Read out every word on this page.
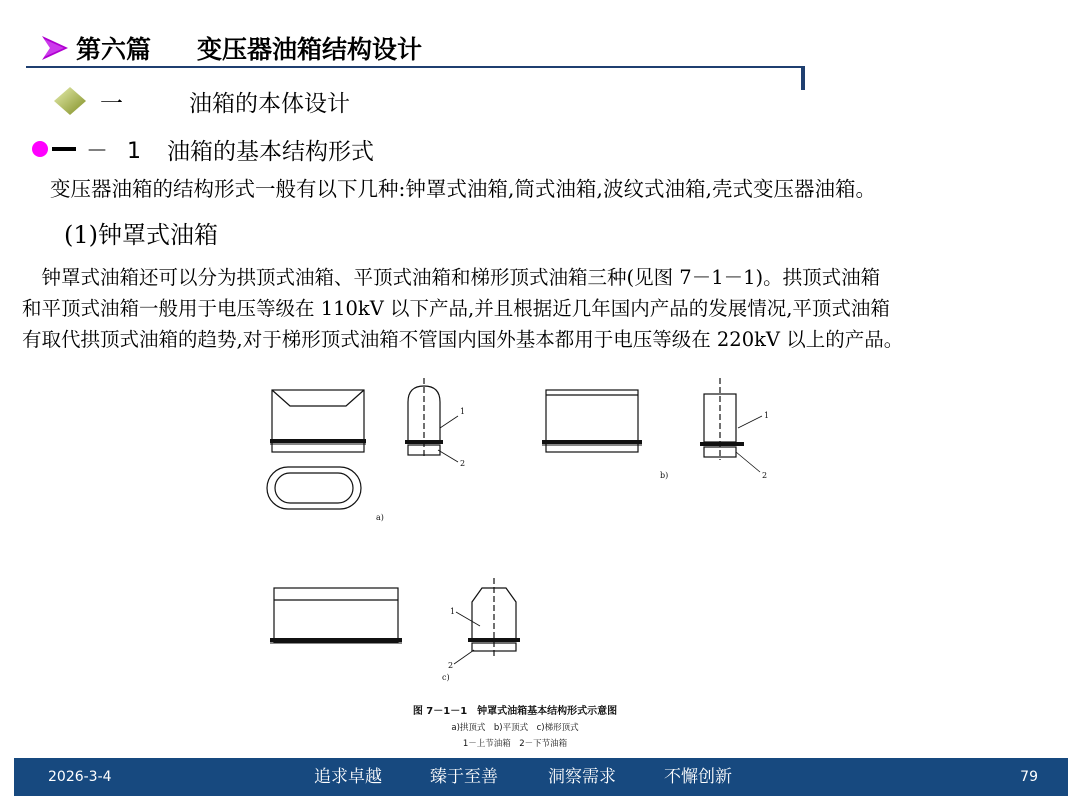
第六篇 变压器油箱结构设计
一	油箱的本体设计
－ 1 油箱的基本结构形式
变压器油箱的结构形式一般有以下几种:钟罩式油箱,筒式油箱,波纹式油箱,壳式变压器油箱。
(1)钟罩式油箱
　钟罩式油箱还可以分为拱顶式油箱、平顶式油箱和梯形顶式油箱三种(见图 7－1－1)。拱顶式油箱
和平顶式油箱一般用于电压等级在 110kV 以下产品,并且根据近几年国内产品的发展情况,平顶式油箱
有取代拱顶式油箱的趋势,对于梯形顶式油箱不管国内国外基本都用于电压等级在 220kV 以上的产品。
1
2
1
2
1
2
a)
b)
c)
图 7－1－1　钟罩式油箱基本结构形式示意图
a)拱顶式　b)平顶式　c)梯形顶式
1－上节油箱　2－下节油箱
2026-3-4	追求卓越	臻于至善	洞察需求	不懈创新	79
